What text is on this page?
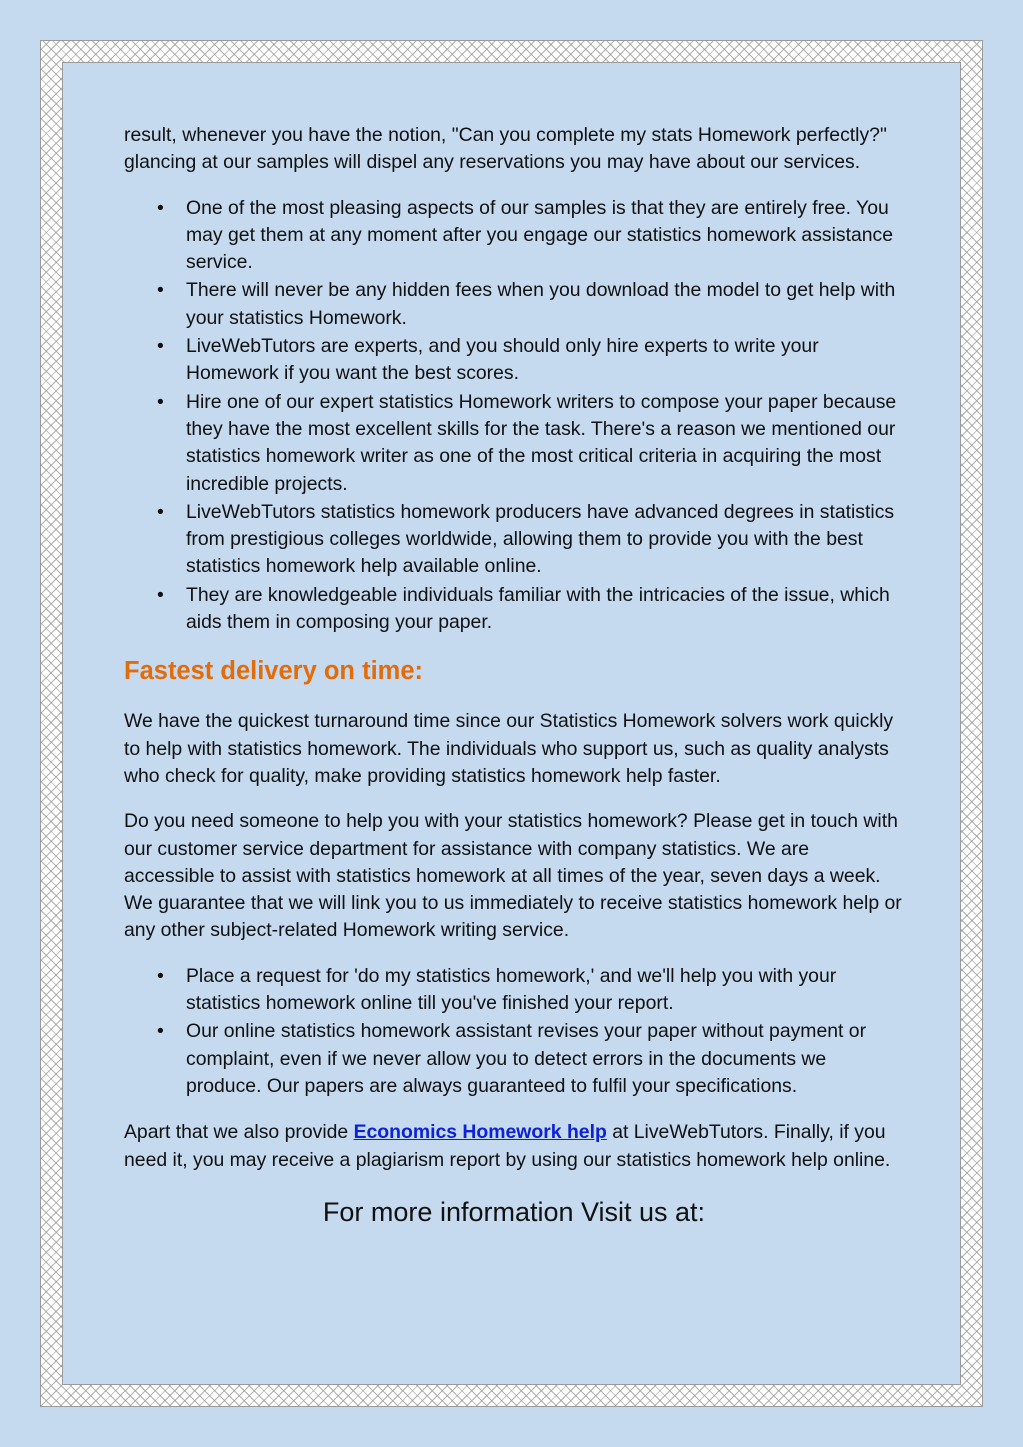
result, whenever you have the notion, "Can you complete my stats Homework perfectly?" glancing at our samples will dispel any reservations you may have about our services.

• One of the most pleasing aspects of our samples is that they are entirely free. You may get them at any moment after you engage our statistics homework assistance service.
• There will never be any hidden fees when you download the model to get help with your statistics Homework.
• LiveWebTutors are experts, and you should only hire experts to write your Homework if you want the best scores.
• Hire one of our expert statistics Homework writers to compose your paper because they have the most excellent skills for the task. There's a reason we mentioned our statistics homework writer as one of the most critical criteria in acquiring the most incredible projects.
• LiveWebTutors statistics homework producers have advanced degrees in statistics from prestigious colleges worldwide, allowing them to provide you with the best statistics homework help available online.
• They are knowledgeable individuals familiar with the intricacies of the issue, which aids them in composing your paper.
Fastest delivery on time:

We have the quickest turnaround time since our Statistics Homework solvers work quickly to help with statistics homework. The individuals who support us, such as quality analysts who check for quality, make providing statistics homework help faster.

Do you need someone to help you with your statistics homework? Please get in touch with our customer service department for assistance with company statistics. We are accessible to assist with statistics homework at all times of the year, seven days a week. We guarantee that we will link you to us immediately to receive statistics homework help or any other subject-related Homework writing service.

• Place a request for 'do my statistics homework,' and we'll help you with your statistics homework online till you've finished your report.
• Our online statistics homework assistant revises your paper without payment or complaint, even if we never allow you to detect errors in the documents we produce. Our papers are always guaranteed to fulfil your specifications.

Apart that we also provide Economics Homework help at LiveWebTutors. Finally, if you need it, you may receive a plagiarism report by using our statistics homework help online.

For more information Visit us at:
